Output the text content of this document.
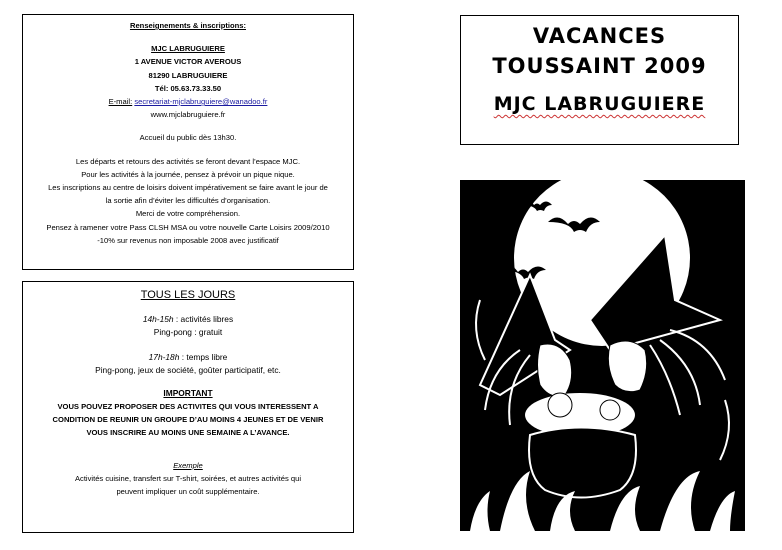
Renseignements & inscriptions:
MJC LABRUGUIERE
1 AVENUE VICTOR AVEROUS
81290 LABRUGUIERE
Tél: 05.63.73.33.50
E-mail: secretariat-mjclabruguiere@wanadoo.fr
www.mjclabruguiere.fr
Accueil du public dès 13h30.
Les départs et retours des activités se feront devant l’espace MJC.
Pour les activités à la journée, pensez à prévoir un pique nique.
Les inscriptions au centre de loisirs doivent impérativement se faire avant le jour de
la sortie afin d’éviter les difficultés d’organisation.
Merci de votre compréhension.
Pensez à ramener votre Pass CLSH MSA ou votre nouvelle Carte Loisirs 2009/2010
-10% sur revenus non imposable 2008 avec justificatif
TOUS LES JOURS
14h-15h : activités libres
Ping-pong : gratuit
17h-18h : temps libre
Ping-pong, jeux de société, goûter participatif, etc.
IMPORTANT
VOUS POUVEZ PROPOSER DES ACTIVITES QUI VOUS INTERESSENT A
CONDITION DE REUNIR UN GROUPE D’AU MOINS 4 JEUNES ET DE VENIR
VOUS INSCRIRE AU MOINS UNE SEMAINE A L’AVANCE.
Exemple
Activités cuisine, transfert sur T-shirt, soirées, et autres activités qui
peuvent impliquer un coût supplémentaire.
VACANCES
TOUSSAINT 2009
MJC LABRUGUIERE
